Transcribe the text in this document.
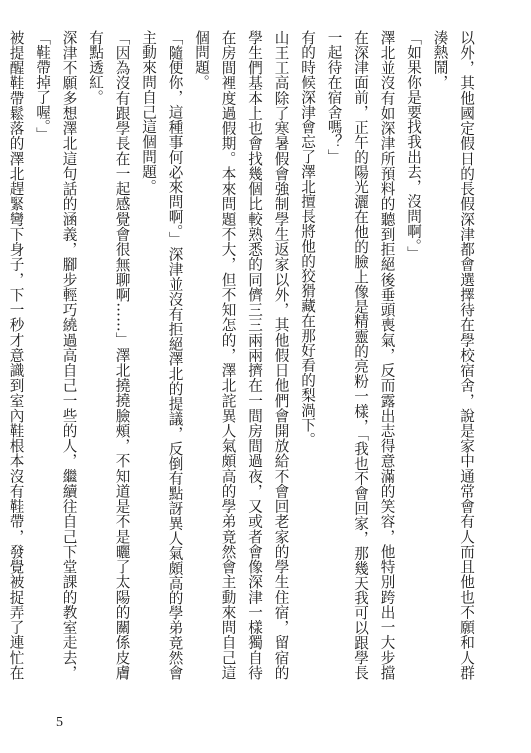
以外，其他國定假日的長假深津都會選擇待在學校宿舍，說是家中通常會有人而且他也不願和人群湊熱鬧，

「如果你是要找我出去，沒問啊。」

澤北並沒有如深津所預料的聽到拒絕後垂頭喪氣，反而露出志得意滿的笑容，他特別跨出一大步擋在深津面前，正午的陽光灑在他的臉上像是精靈的亮粉一樣，「我也不會回家，那幾天我可以跟學長一起待在宿舍嗎？」

有的時候深津會忘了澤北擅長將他的狡猾藏在那好看的梨渦下。

山王工高除了寒暑假會強制學生返家以外，其他假日他們會開放給不會回老家的學生住宿，留宿的學生們基本上也會找幾個比較熟悉的同儕三三兩兩擠在一間房間過夜，又或者會像深津一樣獨自待在房間裡度過假期。本來問題不大，但不知怎的，澤北詫異人氣頗高的學弟竟然會主動來問自己這個問題。

「隨便你，這種事何必來問啊。」深津並沒有拒絕澤北的提議，反倒有點訝異人氣頗高的學弟竟然會主動來問自己這個問題。

「因為沒有跟學長在一起感覺會很無聊啊……」澤北撓撓臉頰，不知道是不是曬了太陽的關係皮膚有點透紅。

深津不願多想澤北這句話的涵義，腳步輕巧繞過高自己一些的人，繼續往自己下堂課的教室走去，「鞋帶掉了喔。」

被提醒鞋帶鬆落的澤北趕緊彎下身子，下一秒才意識到室內鞋根本沒有鞋帶，發覺被捉弄了連忙在

5
